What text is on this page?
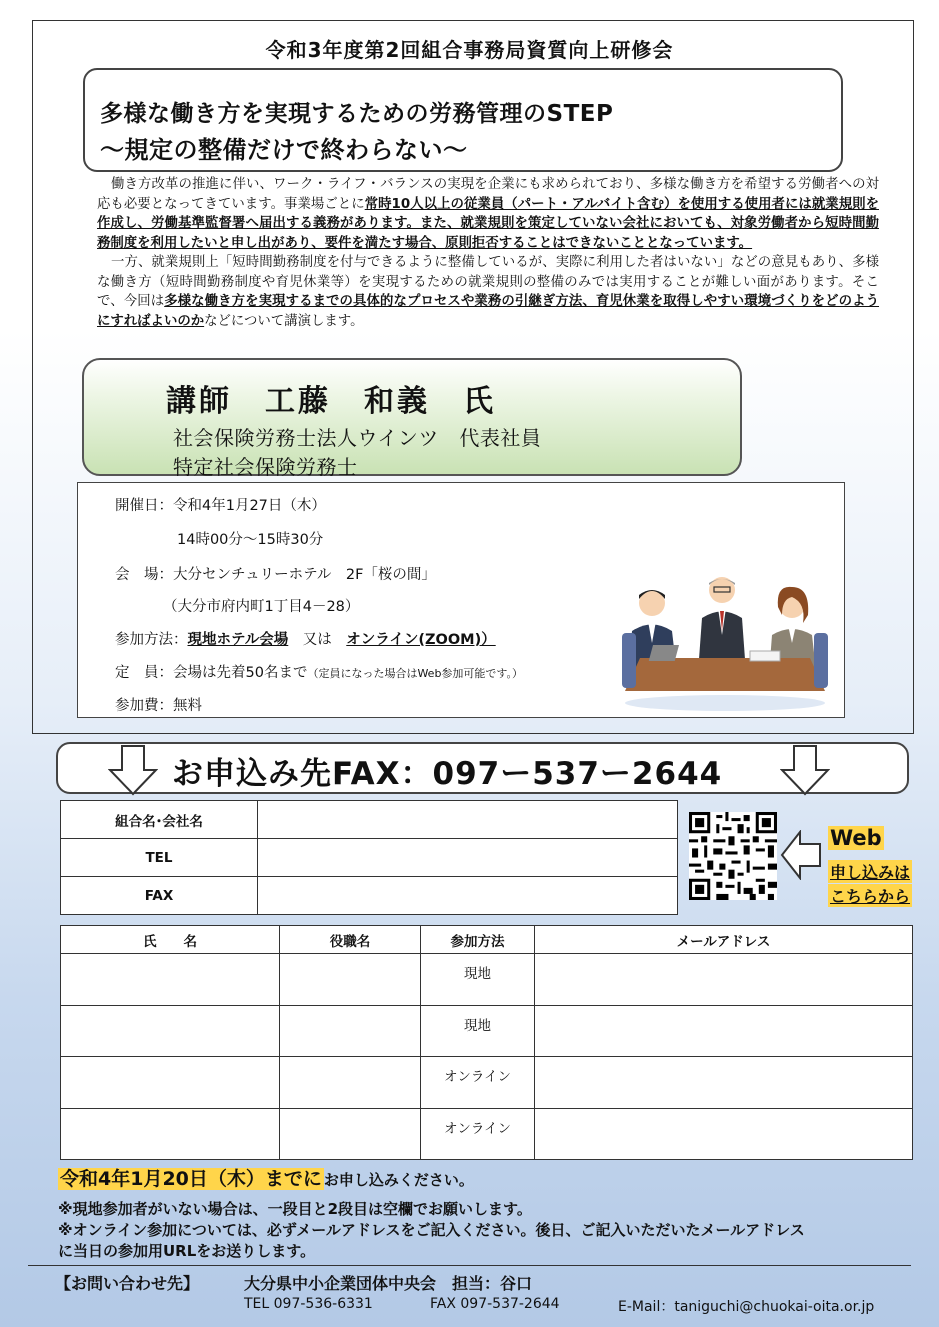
令和3年度第2回組合事務局資質向上研修会
多様な働き方を実現するための労務管理のSTEP
～規定の整備だけで終わらない～

働き方改革の推進に伴い、ワーク・ライフ・バランスの実現を企業にも求められており、多様な働き方を希望する労働者への対応も必要となってきています。事業場ごとに常時10人以上の従業員（パート・アルバイト含む）を使用する使用者には就業規則を作成し、労働基準監督署へ届出する義務があります。また、就業規則を策定していない会社においても、対象労働者から短時間勤務制度を利用したいと申し出があり、要件を満たす場合、原則拒否することはできないこととなっています。

一方、就業規則上「短時間勤務制度を付与できるように整備しているが、実際に利用した者はいない」などの意見もあり、多様な働き方（短時間勤務制度や育児休業等）を実現するための就業規則の整備のみでは実用することが難しい面があります。そこで、今回は多様な働き方を実現するまでの具体的なプロセスや業務の引継ぎ方法、育児休業を取得しやすい環境づくりをどのようにすればよいのかなどについて講演します。

講師　工藤　和義　氏
社会保険労務士法人ウインツ　代表社員
特定社会保険労務士
開催日：令和4年1月27日（木）
14時00分～15時30分
会　場：大分センチュリーホテル　2F「桜の間」
（大分市府内町1丁目4－28）
参加方法：現地ホテル会場　又は　オンライン(ZOOM)）
定　員：会場は先着50名まで（定員になった場合はWeb参加可能です。）
参加費：無料
お申込み先FAX：097ー537ー2644
組合名･会社名	
TEL	
FAX	
Web
申し込みは
こちらから
氏　　名	役職名	参加方法	メールアドレス
		現地	
		現地	
		オンライン	
		オンライン	
令和4年1月20日（木）までに お申し込みください。
※現地参加者がいない場合は、一段目と2段目は空欄でお願いします。
※オンライン参加については、必ずメールアドレスをご記入ください。後日、ご記入いただいたメールアドレス
に当日の参加用URLをお送りします。
【お問い合わせ先】	大分県中小企業団体中央会　担当：谷口
TEL 097-536-6331	FAX 097-537-2644	E-Mail：taniguchi@chuokai-oita.or.jp
